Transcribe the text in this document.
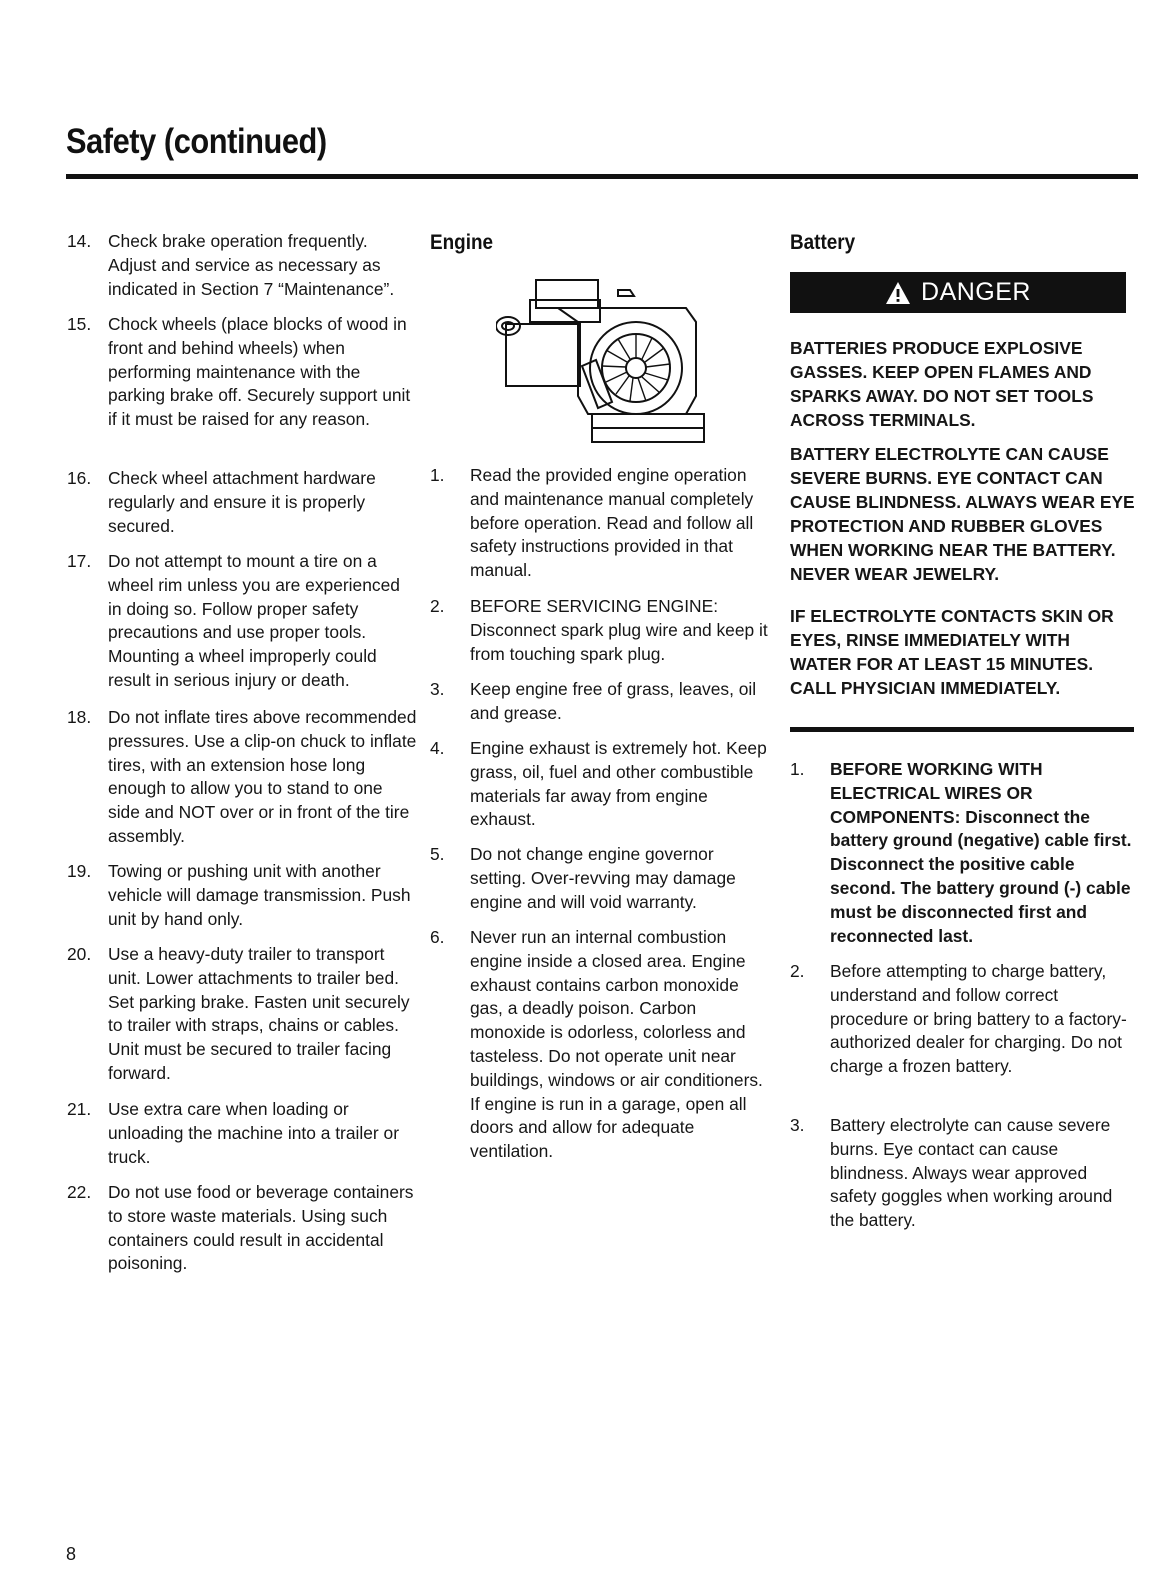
Safety (continued)
14. Check brake operation frequently. Adjust and service as necessary as indicated in Section 7 “Maintenance”.
15. Chock wheels (place blocks of wood in front and behind wheels) when performing maintenance with the parking brake off. Securely support unit if it must be raised for any reason.
16. Check wheel attachment hardware regularly and ensure it is properly secured.
17. Do not attempt to mount a tire on a wheel rim unless you are experienced in doing so. Follow proper safety precautions and use proper tools. Mounting a wheel improperly could result in serious injury or death.
18. Do not inflate tires above recommended pressures. Use a clip-on chuck to inflate tires, with an extension hose long enough to allow you to stand to one side and NOT over or in front of the tire assembly.
19. Towing or pushing unit with another vehicle will damage transmission. Push unit by hand only.
20. Use a heavy-duty trailer to transport unit. Lower attachments to trailer bed. Set parking brake. Fasten unit securely to trailer with straps, chains or cables. Unit must be secured to trailer facing forward.
21. Use extra care when loading or unloading the machine into a trailer or truck.
22. Do not use food or beverage containers to store waste materials. Using such containers could result in accidental poisoning.
Engine
1. Read the provided engine operation and maintenance manual completely before operation. Read and follow all safety instructions provided in that manual.
2. BEFORE SERVICING ENGINE: Disconnect spark plug wire and keep it from touching spark plug.
3. Keep engine free of grass, leaves, oil and grease.
4. Engine exhaust is extremely hot. Keep grass, oil, fuel and other combustible materials far away from engine exhaust.
5. Do not change engine governor setting. Over-revving may damage engine and will void warranty.
6. Never run an internal combustion engine inside a closed area. Engine exhaust contains carbon monoxide gas, a deadly poison. Carbon monoxide is odorless, colorless and tasteless. Do not operate unit near buildings, windows or air conditioners. If engine is run in a garage, open all doors and allow for adequate ventilation.
Battery
DANGER

BATTERIES PRODUCE EXPLOSIVE GASSES. KEEP OPEN FLAMES AND SPARKS AWAY. DO NOT SET TOOLS ACROSS TERMINALS.

BATTERY ELECTROLYTE CAN CAUSE SEVERE BURNS. EYE CONTACT CAN CAUSE BLINDNESS. ALWAYS WEAR EYE PROTECTION AND RUBBER GLOVES WHEN WORKING NEAR THE BATTERY. NEVER WEAR JEWELRY.

IF ELECTROLYTE CONTACTS SKIN OR EYES, RINSE IMMEDIATELY WITH WATER FOR AT LEAST 15 MINUTES. CALL PHYSICIAN IMMEDIATELY.

1. BEFORE WORKING WITH ELECTRICAL WIRES OR COMPONENTS: Disconnect the battery ground (negative) cable first. Disconnect the positive cable second. The battery ground (-) cable must be disconnected first and reconnected last.
2. Before attempting to charge battery, understand and follow correct procedure or bring battery to a factory-authorized dealer for charging. Do not charge a frozen battery.
3. Battery electrolyte can cause severe burns. Eye contact can cause blindness. Always wear approved safety goggles when working around the battery.
8
